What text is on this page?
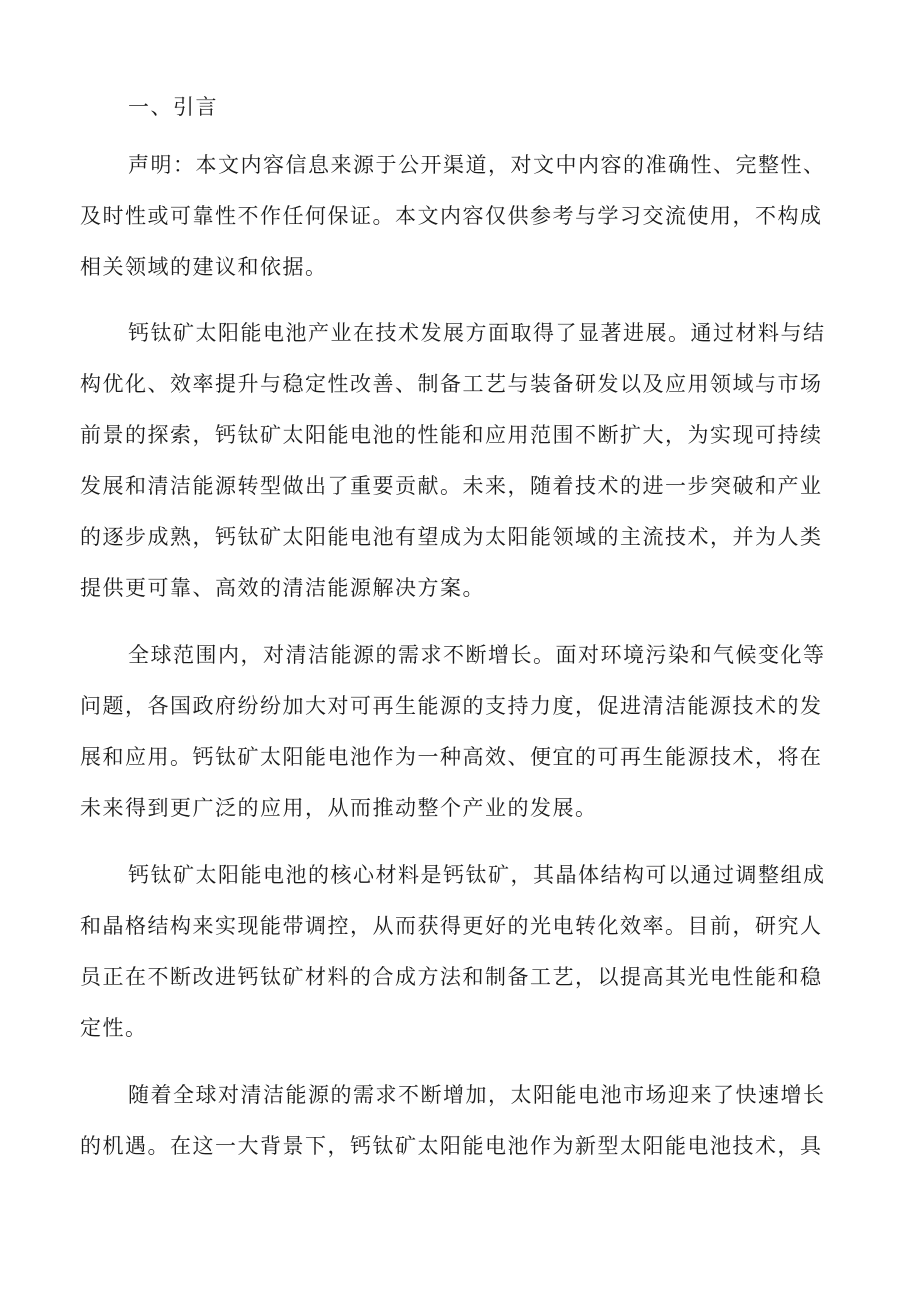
一、引言
声明：本文内容信息来源于公开渠道，对文中内容的准确性、完整性、
及时性或可靠性不作任何保证。本文内容仅供参考与学习交流使用，不构成
相关领域的建议和依据。
钙钛矿太阳能电池产业在技术发展方面取得了显著进展。通过材料与结
构优化、效率提升与稳定性改善、制备工艺与装备研发以及应用领域与市场
前景的探索，钙钛矿太阳能电池的性能和应用范围不断扩大，为实现可持续
发展和清洁能源转型做出了重要贡献。未来，随着技术的进一步突破和产业
的逐步成熟，钙钛矿太阳能电池有望成为太阳能领域的主流技术，并为人类
提供更可靠、高效的清洁能源解决方案。
全球范围内，对清洁能源的需求不断增长。面对环境污染和气候变化等
问题，各国政府纷纷加大对可再生能源的支持力度，促进清洁能源技术的发
展和应用。钙钛矿太阳能电池作为一种高效、便宜的可再生能源技术，将在
未来得到更广泛的应用，从而推动整个产业的发展。
钙钛矿太阳能电池的核心材料是钙钛矿，其晶体结构可以通过调整组成
和晶格结构来实现能带调控，从而获得更好的光电转化效率。目前，研究人
员正在不断改进钙钛矿材料的合成方法和制备工艺，以提高其光电性能和稳
定性。
随着全球对清洁能源的需求不断增加，太阳能电池市场迎来了快速增长
的机遇。在这一大背景下，钙钛矿太阳能电池作为新型太阳能电池技术，具
